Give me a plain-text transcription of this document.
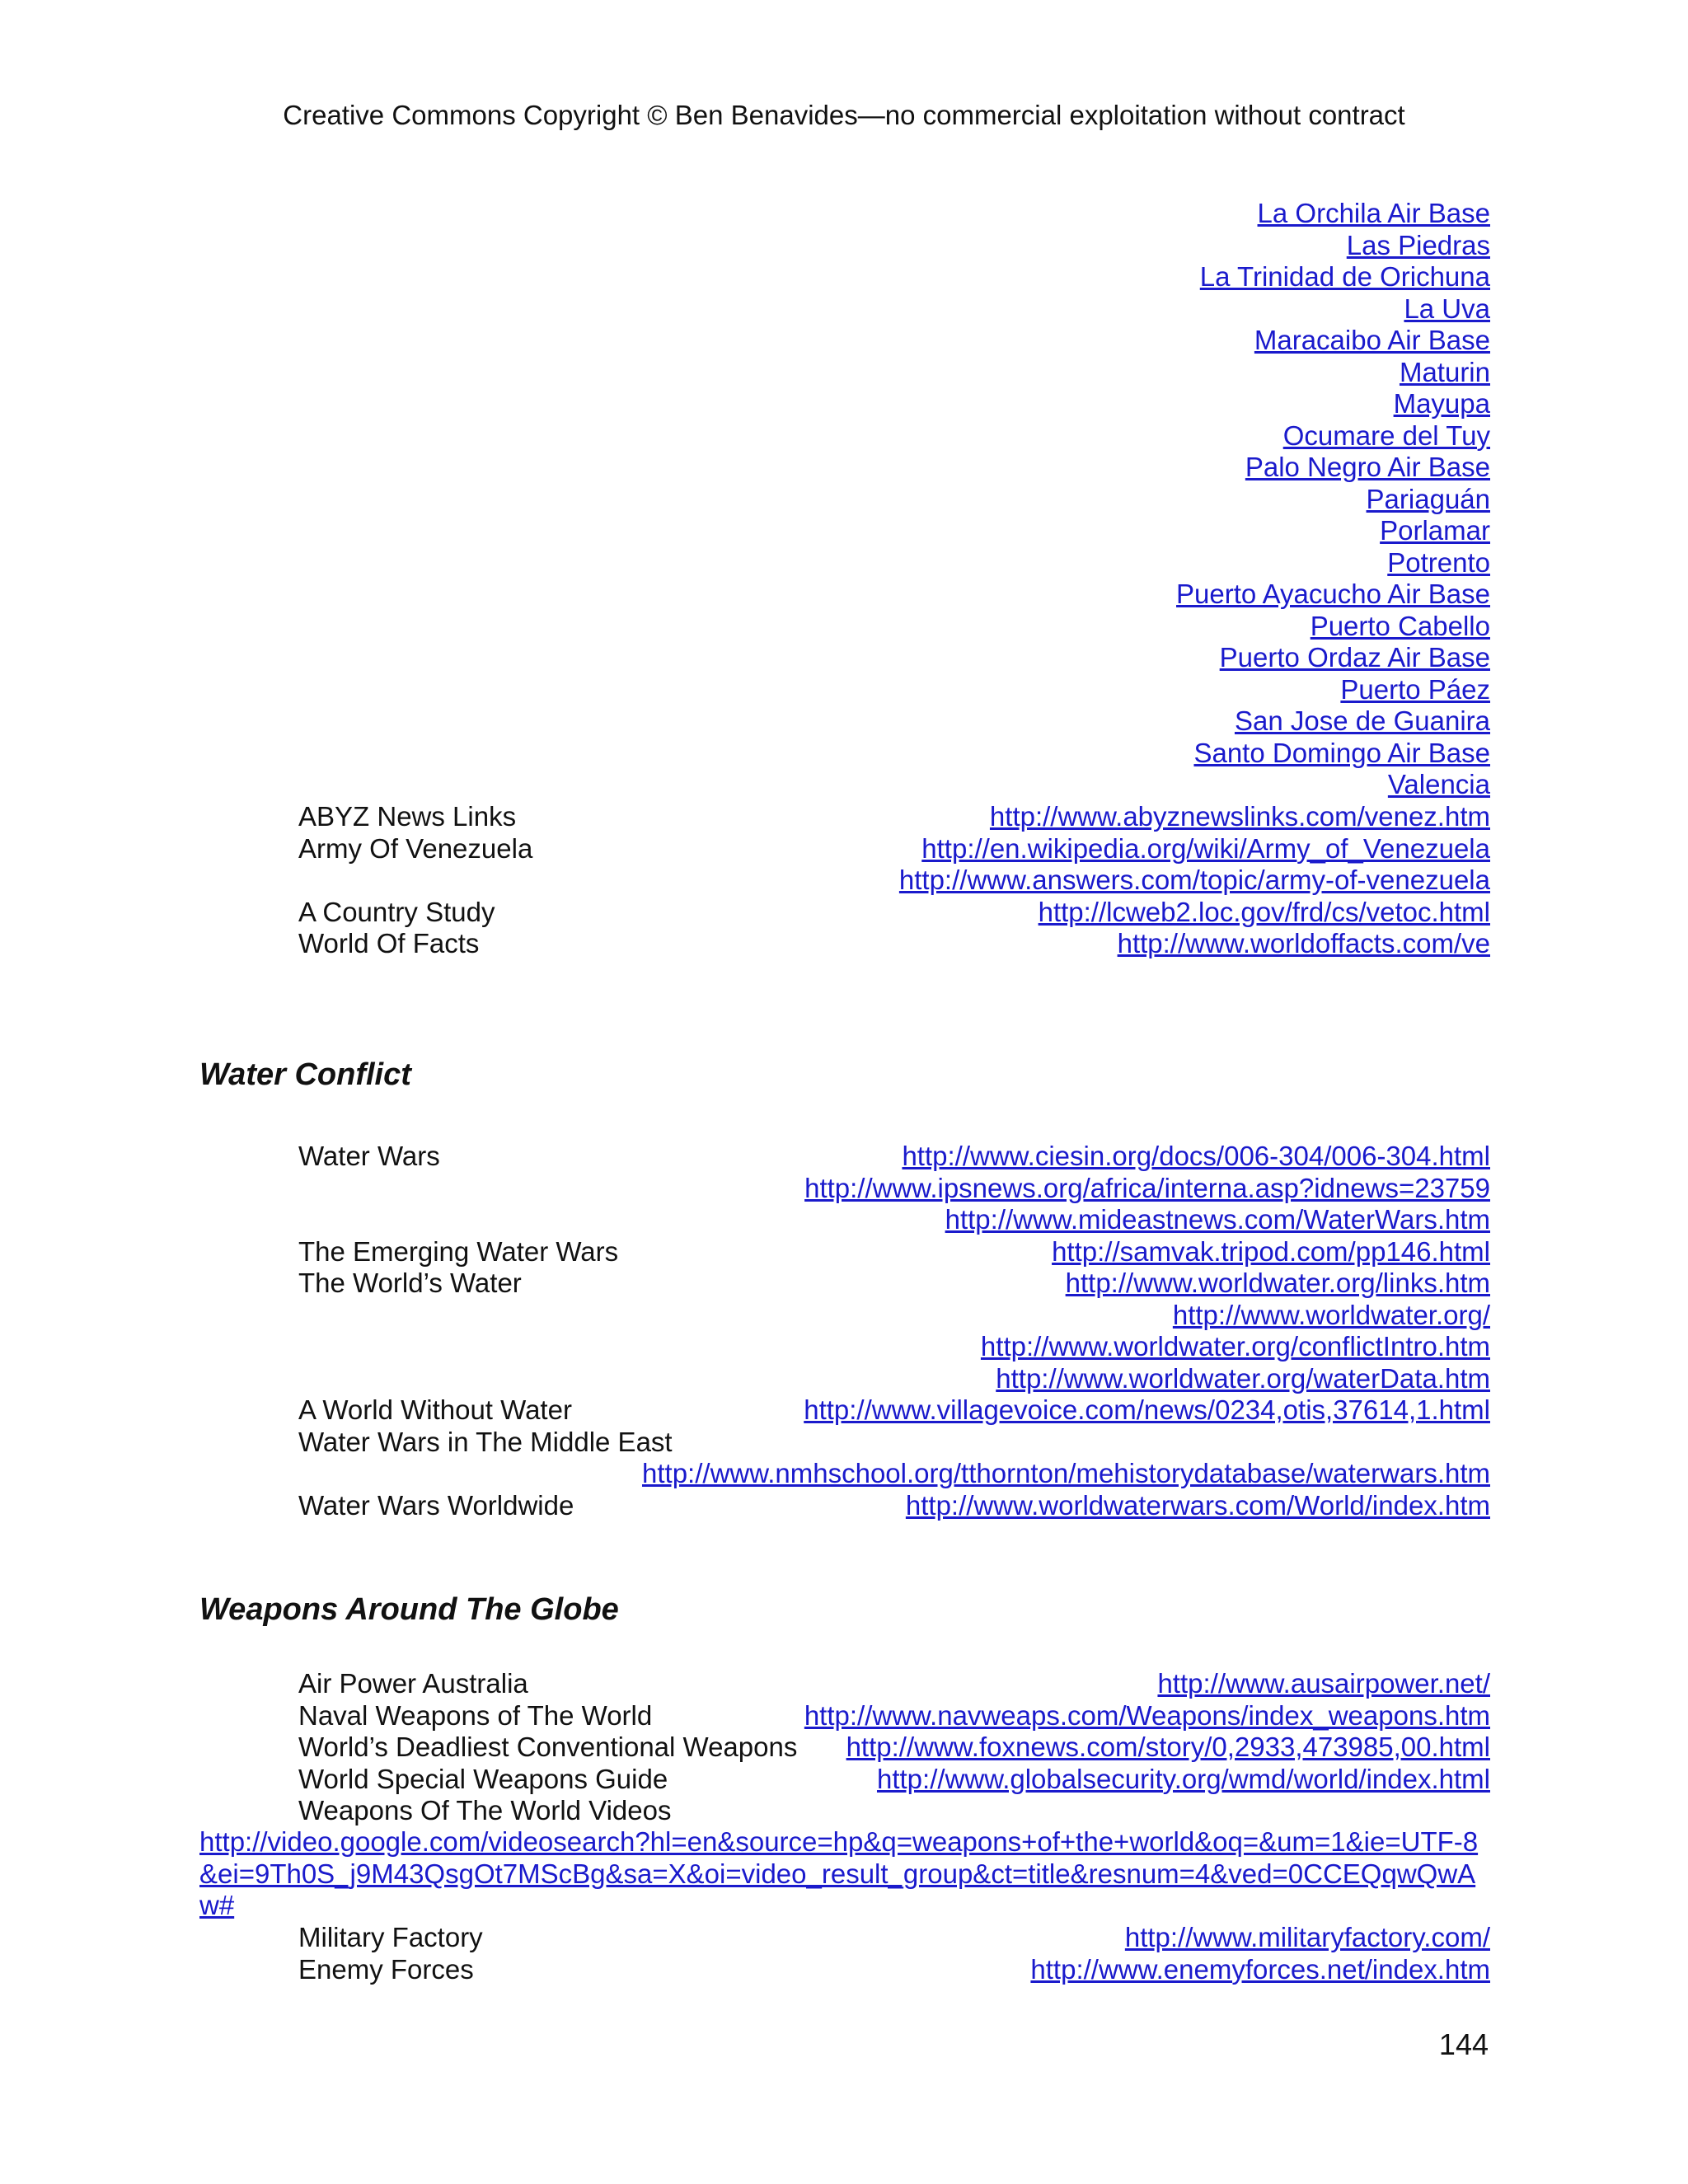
Creative Commons Copyright © Ben Benavides—no commercial exploitation without contract
La Orchila Air Base
Las Piedras
La Trinidad de Orichuna
La Uva
Maracaibo Air Base
Maturin
Mayupa
Ocumare del Tuy
Palo Negro Air Base
Pariaguán
Porlamar
Potrento
Puerto Ayacucho Air Base
Puerto Cabello
Puerto Ordaz Air Base
Puerto Páez
San Jose de Guanira
Santo Domingo Air Base
Valencia
ABYZ News Links	http://www.abyznewslinks.com/venez.htm
Army Of Venezuela	http://en.wikipedia.org/wiki/Army_of_Venezuela
http://www.answers.com/topic/army-of-venezuela
A Country Study	http://lcweb2.loc.gov/frd/cs/vetoc.html
World Of Facts	http://www.worldoffacts.com/ve
Water Conflict
Water Wars	http://www.ciesin.org/docs/006-304/006-304.html
http://www.ipsnews.org/africa/interna.asp?idnews=23759
http://www.mideastnews.com/WaterWars.htm
The Emerging Water Wars	http://samvak.tripod.com/pp146.html
The World’s Water	http://www.worldwater.org/links.htm
http://www.worldwater.org/
http://www.worldwater.org/conflictIntro.htm
http://www.worldwater.org/waterData.htm
A World Without Water	http://www.villagevoice.com/news/0234,otis,37614,1.html
Water Wars in The Middle East
http://www.nmhschool.org/tthornton/mehistorydatabase/waterwars.htm
Water Wars Worldwide	http://www.worldwaterwars.com/World/index.htm
Weapons Around The Globe
Air Power Australia	http://www.ausairpower.net/
Naval Weapons of The World	http://www.navweaps.com/Weapons/index_weapons.htm
World’s Deadliest Conventional Weapons http://www.foxnews.com/story/0,2933,473985,00.html
World Special Weapons Guide	http://www.globalsecurity.org/wmd/world/index.html
Weapons Of The World Videos
http://video.google.com/videosearch?hl=en&source=hp&q=weapons+of+the+world&oq=&um=1&ie=UTF-8&ei=9Th0S_j9M43QsgOt7MScBg&sa=X&oi=video_result_group&ct=title&resnum=4&ved=0CCEQqwQwAw#
Military Factory	http://www.militaryfactory.com/
Enemy Forces	http://www.enemyforces.net/index.htm
144
